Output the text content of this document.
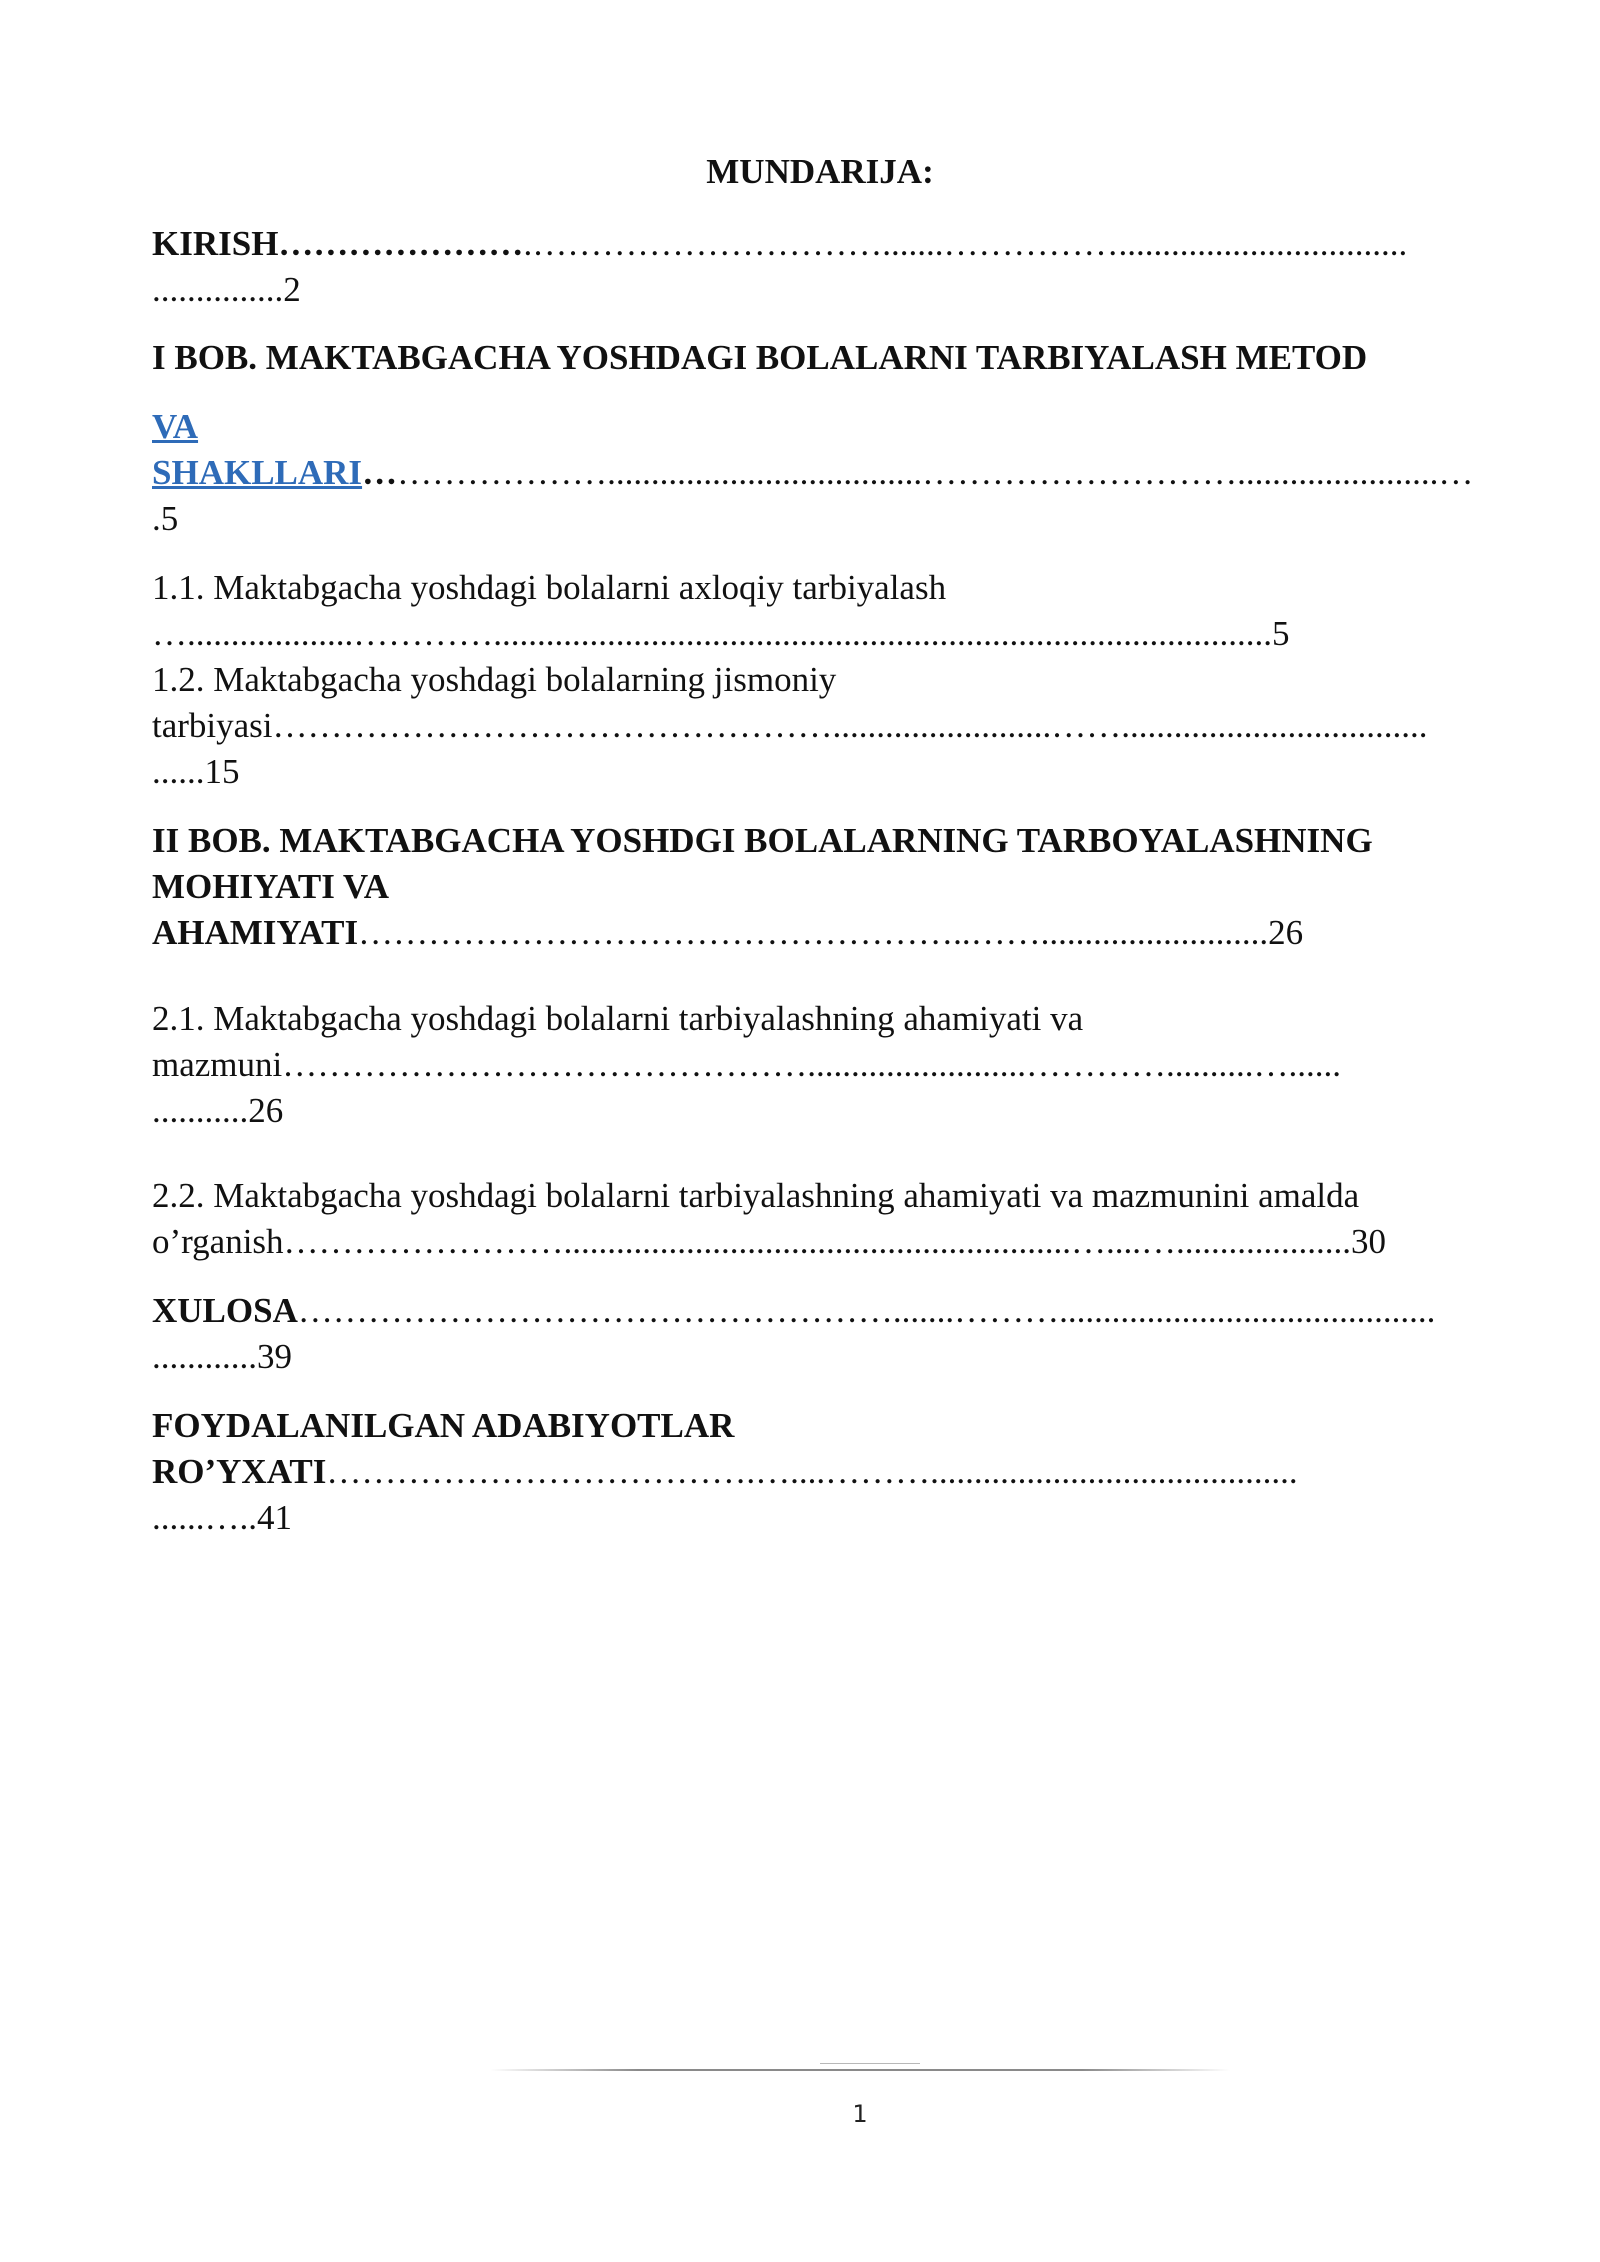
MUNDARIJA:
KIRISH………………….………………………….......…………….................................
...............2
I BOB. MAKTABGACHA YOSHDAGI BOLALARNI TARBIYALASH METOD
VA
SHAKLLARI…………………....................................……………………….......................…
.5
1.1. Maktabgacha yoshdagi bolalarni axloqiy tarbiyalash
…...................………….........................................................................................5
1.2. Maktabgacha yoshdagi bolalarning jismoniy
tarbiyasi………………………………………….........................……...................................
......15
II BOB. MAKTABGACHA YOSHDGI BOLALARNING TARBOYALASHNING
MOHIYATI VA
AHAMIYATI……………………………………………..……..........................26
2.1. Maktabgacha yoshdagi bolalarni tarbiyalashning ahamiyati va
mazmuni……………………………………….........................…………..........…......
...........26
2.2. Maktabgacha yoshdagi bolalarni tarbiyalashning ahamiyati va mazmunini amalda
o’rganish……………………..........................................................…....…....................30
XULOSA…………………………………………….......………...........................................
............39
FOYDALANILGAN ADABIYOTLAR
RO’YXATI……………………………….…....………..........................................
......…..41
1
